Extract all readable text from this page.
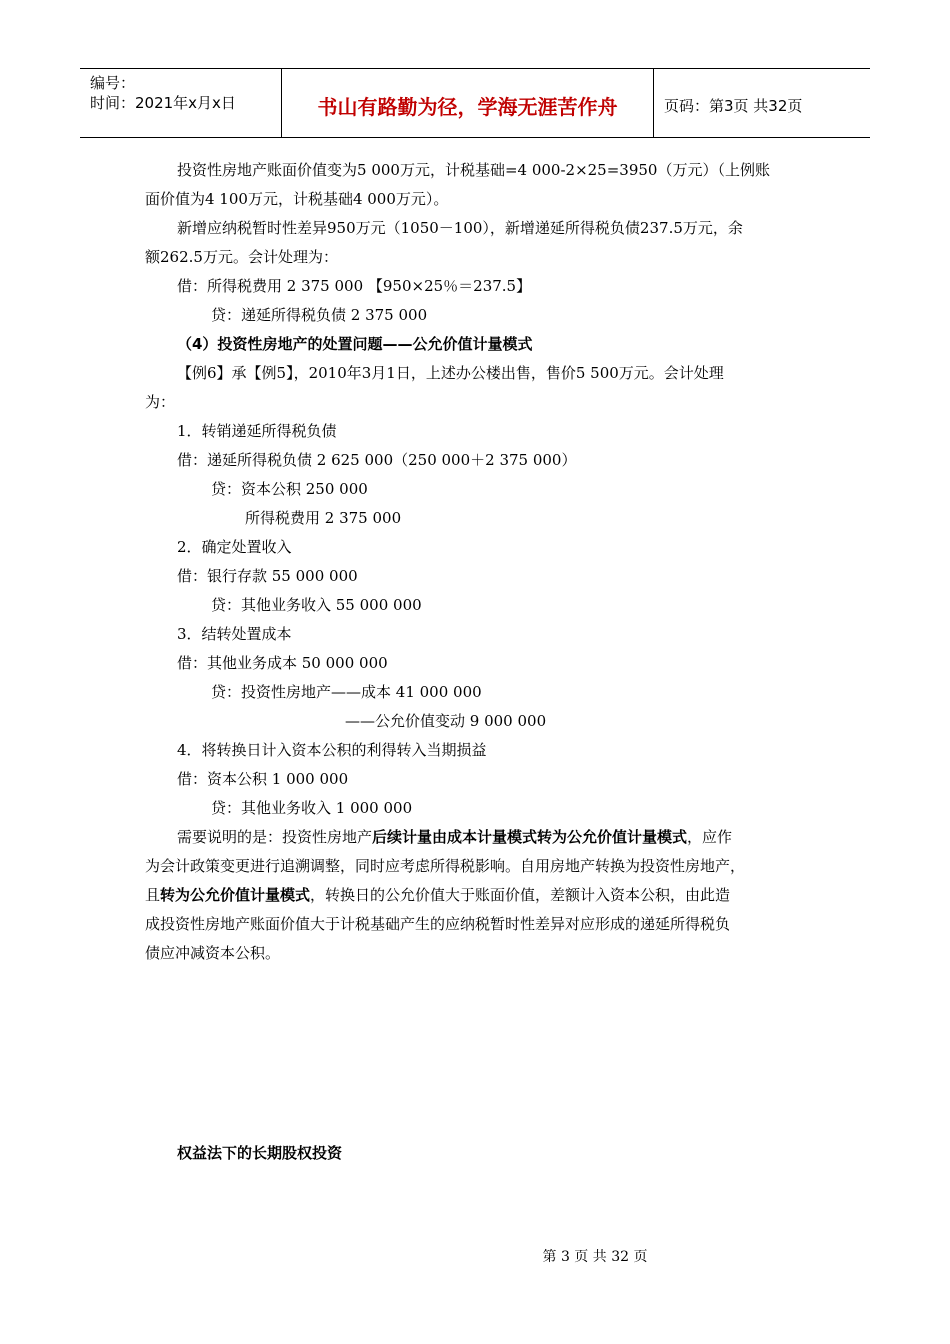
编号：
时间：2021年x月x日	书山有路勤为径，学海无涯苦作舟	页码：第3页 共32页
投资性房地产账面价值变为5 000万元，计税基础=4 000-2×25=3950（万元）（上例账
面价值为4 100万元，计税基础4 000万元）。
新增应纳税暂时性差异950万元（1050－100），新增递延所得税负债237.5万元，余
额262.5万元。会计处理为：
借：所得税费用 2 375 000 【950×25％＝237.5】
贷：递延所得税负债 2 375 000
（4）投资性房地产的处置问题——公允价值计量模式
【例6】承【例5】，2010年3月1日，上述办公楼出售，售价5 500万元。会计处理
为：
1．转销递延所得税负债
借：递延所得税负债 2 625 000（250 000＋2 375 000）
贷：资本公积 250 000
所得税费用 2 375 000
2．确定处置收入
借：银行存款 55 000 000
贷：其他业务收入 55 000 000
3．结转处置成本
借：其他业务成本 50 000 000
贷：投资性房地产——成本 41 000 000
——公允价值变动 9 000 000
4．将转换日计入资本公积的利得转入当期损益
借：资本公积 1 000 000
贷：其他业务收入 1 000 000
需要说明的是：投资性房地产后续计量由成本计量模式转为公允价值计量模式，应作
为会计政策变更进行追溯调整，同时应考虑所得税影响。自用房地产转换为投资性房地产，
且转为公允价值计量模式，转换日的公允价值大于账面价值，差额计入资本公积，由此造
成投资性房地产账面价值大于计税基础产生的应纳税暂时性差异对应形成的递延所得税负
债应冲减资本公积。
权益法下的长期股权投资
第 3 页 共 32 页
